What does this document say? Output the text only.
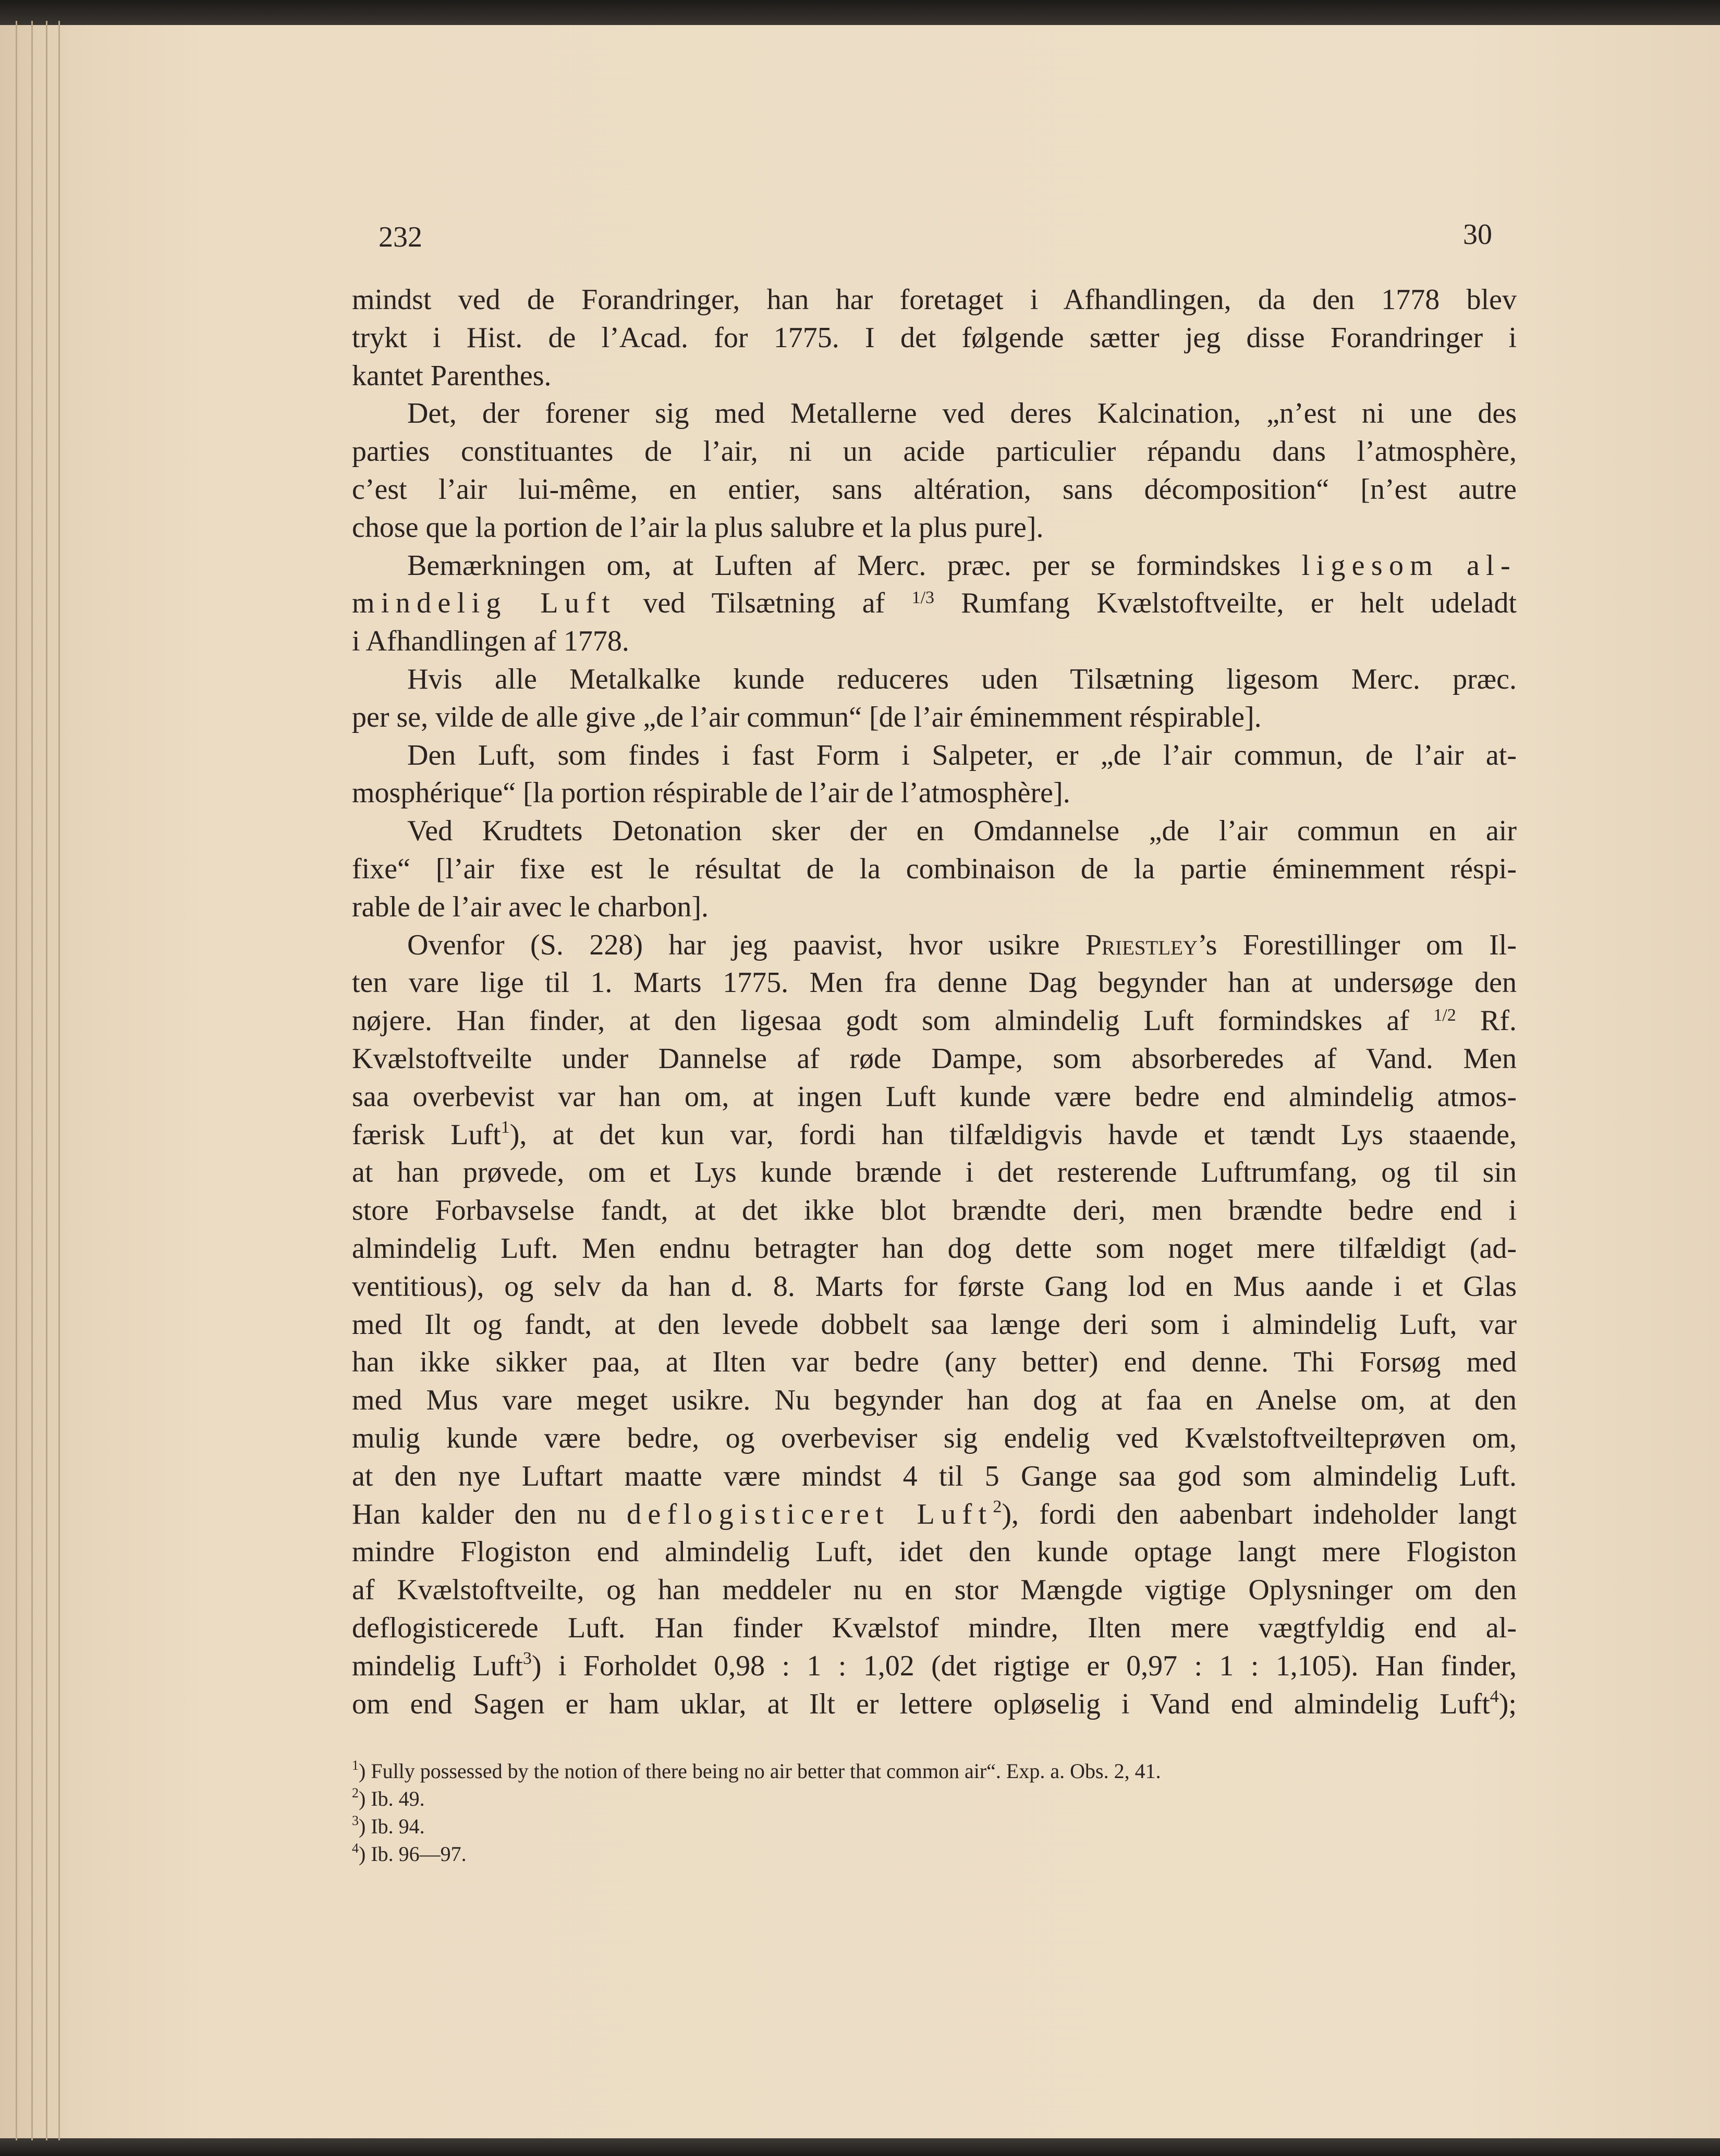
232	30
mindst ved de Forandringer, han har foretaget i Afhandlingen, da den 1778 blev
trykt i Hist. de l’Acad. for 1775. I det følgende sætter jeg disse Forandringer i
kantet Parenthes.
Det, der forener sig med Metallerne ved deres Kalcination, „n’est ni une des
parties constituantes de l’air, ni un acide particulier répandu dans l’atmosphère,
c’est l’air lui-même, en entier, sans altération, sans décomposition“ [n’est autre
chose que la portion de l’air la plus salubre et la plus pure].
Bemærkningen om, at Luften af Merc. præc. per se formindskes ligesom al-
mindelig Luft ved Tilsætning af $^{1/3}$ Rumfang Kvælstoftveilte, er helt udeladt
i Afhandlingen af 1778.
Hvis alle Metalkalke kunde reduceres uden Tilsætning ligesom Merc. præc.
per se, vilde de alle give „de l’air commun“ [de l’air éminemment réspirable].
Den Luft, som findes i fast Form i Salpeter, er „de l’air commun, de l’air at-
mosphérique“ [la portion réspirable de l’air de l’atmosphère].
Ved Krudtets Detonation sker der en Omdannelse „de l’air commun en air
fixe“ [l’air fixe est le résultat de la combinaison de la partie éminemment réspi-
rable de l’air avec le charbon].
Ovenfor (S. 228) har jeg paavist, hvor usikre Priestley’s Forestillinger om Il-
ten vare lige til 1. Marts 1775. Men fra denne Dag begynder han at undersøge den
nøjere. Han finder, at den ligesaa godt som almindelig Luft formindskes af $^{1/2}$ Rf.
Kvælstoftveilte under Dannelse af røde Dampe, som absorberedes af Vand. Men
saa overbevist var han om, at ingen Luft kunde være bedre end almindelig atmos-
færisk Luft$^1$), at det kun var, fordi han tilfældigvis havde et tændt Lys staaende,
at han prøvede, om et Lys kunde brænde i det resterende Luftrumfang, og til sin
store Forbavselse fandt, at det ikke blot brændte deri, men brændte bedre end i
almindelig Luft. Men endnu betragter han dog dette som noget mere tilfældigt (ad-
ventitious), og selv da han d. 8. Marts for første Gang lod en Mus aande i et Glas
med Ilt og fandt, at den levede dobbelt saa længe deri som i almindelig Luft, var
han ikke sikker paa, at Ilten var bedre (any better) end denne. Thi Forsøg med
med Mus vare meget usikre. Nu begynder han dog at faa en Anelse om, at den
mulig kunde være bedre, og overbeviser sig endelig ved Kvælstoftveilteprøven om,
at den nye Luftart maatte være mindst 4 til 5 Gange saa god som almindelig Luft.
Han kalder den nu deflogisticeret Luft$^2$), fordi den aabenbart indeholder langt
mindre Flogiston end almindelig Luft, idet den kunde optage langt mere Flogiston
af Kvælstoftveilte, og han meddeler nu en stor Mængde vigtige Oplysninger om den
deflogisticerede Luft. Han finder Kvælstof mindre, Ilten mere vægtfyldig end al-
mindelig Luft$^3$) i Forholdet 0,98 : 1 : 1,02 (det rigtige er 0,97 : 1 : 1,105). Han finder,
om end Sagen er ham uklar, at Ilt er lettere opløselig i Vand end almindelig Luft$^4$);
$^1$) Fully possessed by the notion of there being no air better that common air“. Exp. a. Obs. 2, 41.
$^2$) Ib. 49.
$^3$) Ib. 94.
$^4$) Ib. 96—97.
